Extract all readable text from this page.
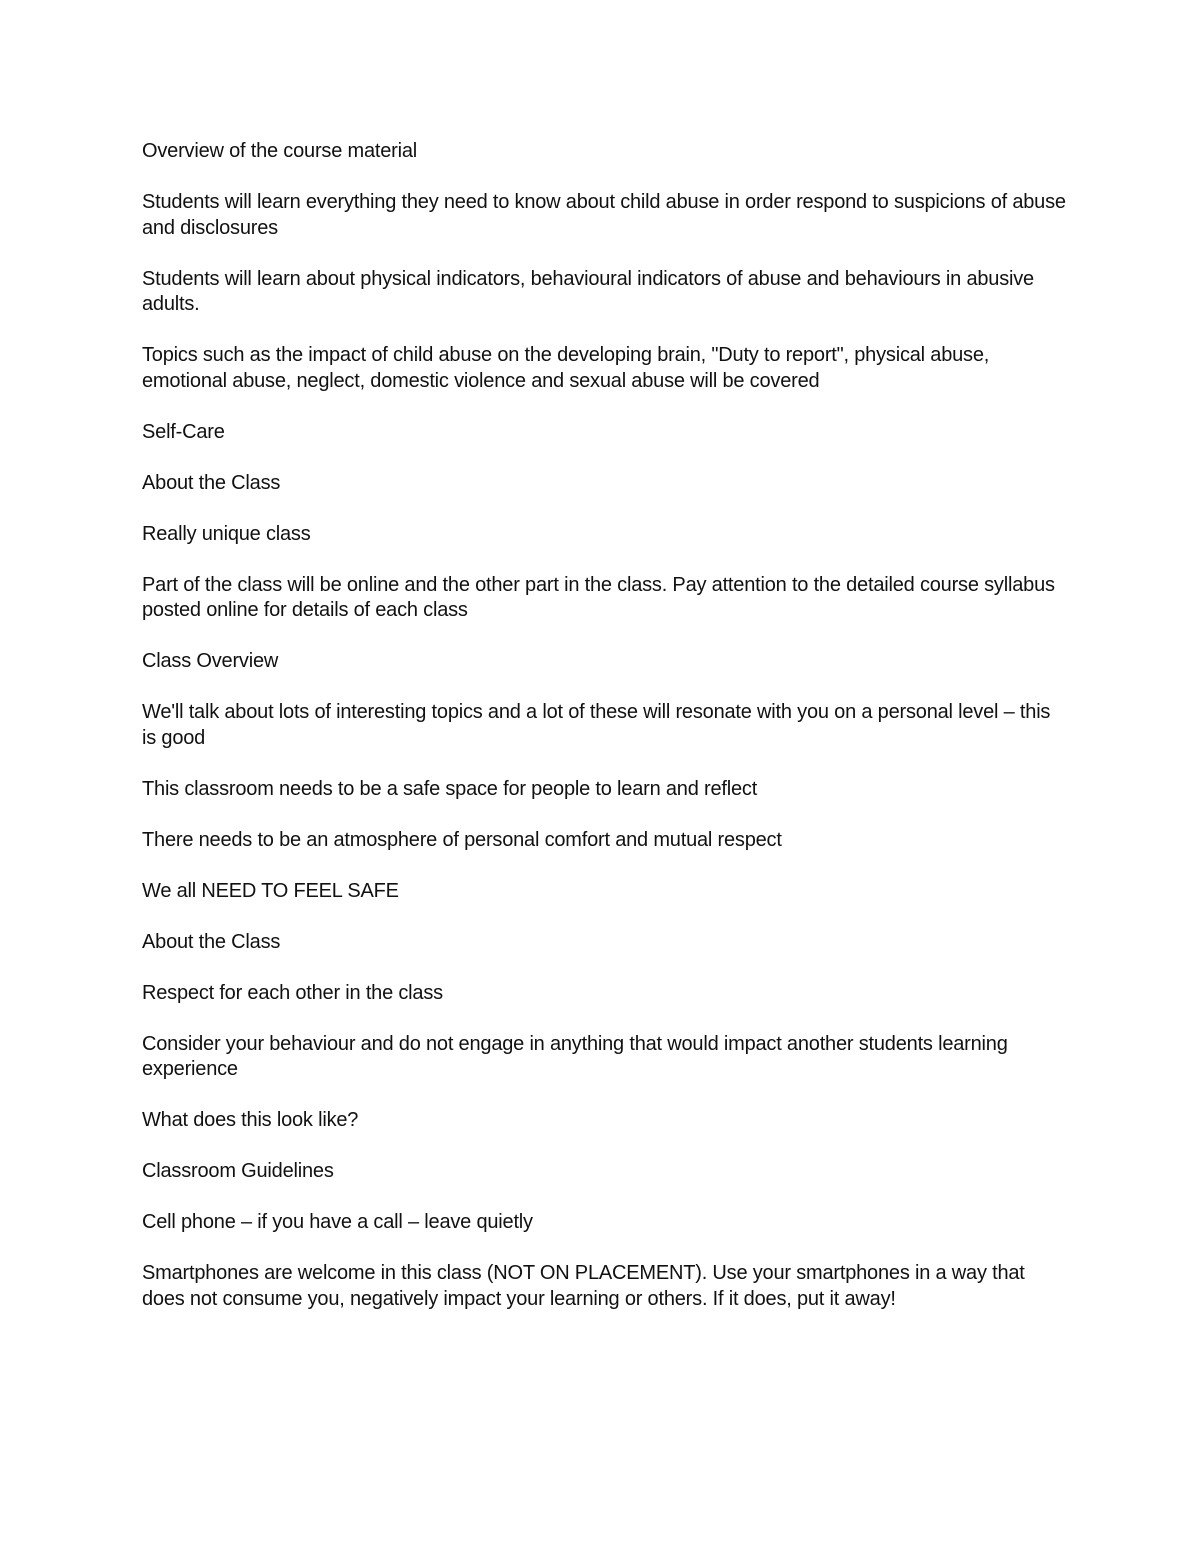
Overview of the course material

Students will learn everything they need to know about child abuse in order respond to suspicions of abuse and disclosures

Students will learn about physical indicators, behavioural indicators of abuse and behaviours in abusive adults.

Topics such as the impact of child abuse on the developing brain, "Duty to report", physical abuse, emotional abuse, neglect, domestic violence and sexual abuse will be covered

Self-Care

About the Class

Really unique class

Part of the class will be online and the other part in the class. Pay attention to the detailed course syllabus posted online for details of each class

Class Overview

We'll talk about lots of interesting topics and a lot of these will resonate with you on a personal level – this is good

This classroom needs to be a safe space for people to learn and reflect

There needs to be an atmosphere of personal comfort and mutual respect

We all NEED TO FEEL SAFE

About the Class

Respect for each other in the class

Consider your behaviour and do not engage in anything that would impact another students learning experience

What does this look like?

Classroom Guidelines

Cell phone – if you have a call – leave quietly

Smartphones are welcome in this class (NOT ON PLACEMENT). Use your smartphones in a way that does not consume you, negatively impact your learning or others. If it does, put it away!
